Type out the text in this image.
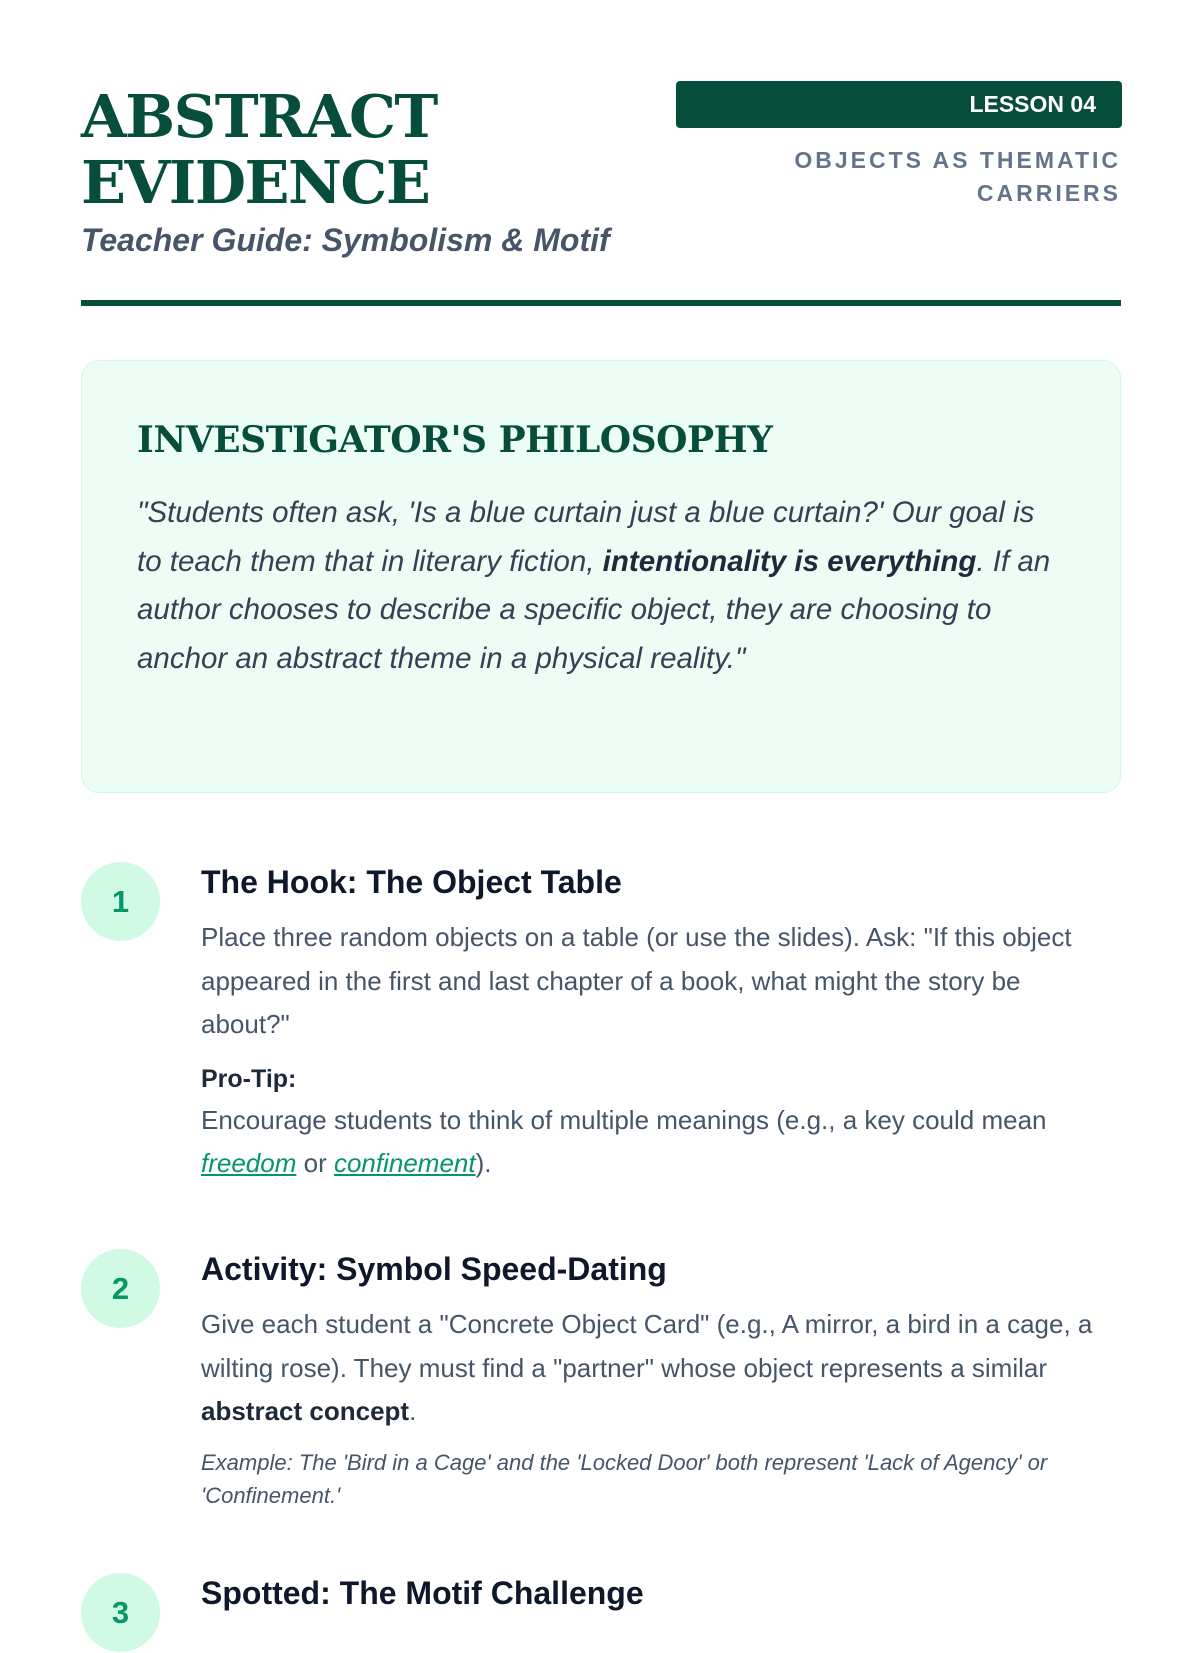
ABSTRACT
EVIDENCE
Teacher Guide: Symbolism & Motif
LESSON 04
OBJECTS AS THEMATIC
CARRIERS
INVESTIGATOR'S PHILOSOPHY

"Students often ask, 'Is a blue curtain just a blue curtain?' Our goal is to teach them that in literary fiction, intentionality is everything. If an author chooses to describe a specific object, they are choosing to anchor an abstract theme in a physical reality."

1
The Hook: The Object Table
Place three random objects on a table (or use the slides). Ask: "If this object appeared in the first and last chapter of a book, what might the story be about?"
Pro-Tip:
Encourage students to think of multiple meanings (e.g., a key could mean freedom or confinement).
2
Activity: Symbol Speed-Dating
Give each student a "Concrete Object Card" (e.g., A mirror, a bird in a cage, a wilting rose). They must find a "partner" whose object represents a similar abstract concept.
Example: The 'Bird in a Cage' and the 'Locked Door' both represent 'Lack of Agency' or 'Confinement.'
3
Spotted: The Motif Challenge
